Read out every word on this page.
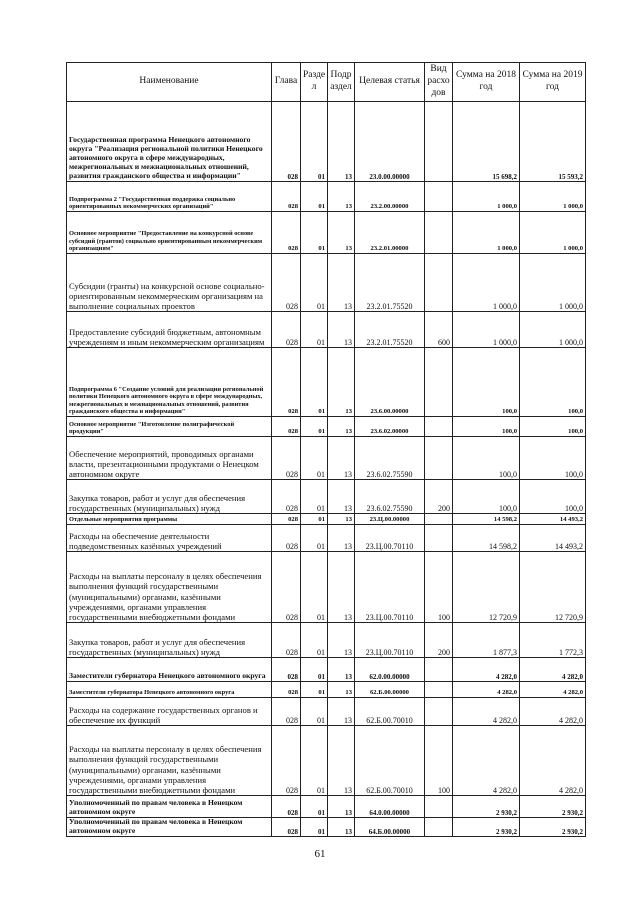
Наименование	Глава	Разде л	Подр аздел	Целевая статья	Вид расхо дов	Сумма на 2018 год	Сумма на 2019 год
Государственная программа Ненецкого автономного округа "Реализация региональной политики Ненецкого автономного округа в сфере международных, межрегиональных и межнациональных отношений, развития гражданского общества и информации"	028	01	13	23.0.00.00000		15 698,2	15 593,2
Подпрограмма 2 "Государственная поддержка социально ориентированных некоммерческих организаций"	028	01	13	23.2.00.00000		1 000,0	1 000,0
Основное мероприятие "Предоставление на конкурсной основе субсидий (грантов) социально ориентированным некоммерческим организациям"	028	01	13	23.2.01.00000		1 000,0	1 000,0
Субсидии (гранты) на конкурсной основе социально-ориентированным некоммерческим организациям на выполнение социальных проектов	028	01	13	23.2.01.75520		1 000,0	1 000,0
Предоставление субсидий бюджетным, автономным учреждениям и иным некоммерческим организациям	028	01	13	23.2.01.75520	600	1 000,0	1 000,0
Подпрограмма 6 "Создание условий для реализации региональной политики Ненецкого автономного округа в сфере международных, межрегиональных и межнациональных отношений, развития гражданского общества и информации"	028	01	13	23.6.00.00000		100,0	100,0
Основное мероприятие "Изготовление полиграфической продукции"	028	01	13	23.6.02.00000		100,0	100,0
Обеспечение мероприятий, проводимых органами власти, презентационными продуктами о Ненецком автономном округе	028	01	13	23.6.02.75590		100,0	100,0
Закупка товаров, работ и услуг для обеспечения государственных (муниципальных) нужд	028	01	13	23.6.02.75590	200	100,0	100,0
Отдельные мероприятия программы	028	01	13	23.Ц.00.00000		14 598,2	14 493,2
Расходы на обеспечение деятельности подведомственных казённых учреждений	028	01	13	23.Ц.00.70110		14 598,2	14 493,2
Расходы на выплаты персоналу в целях обеспечения выполнения функций государственными (муниципальными) органами, казёнными учреждениями, органами управления государственными внебюджетными фондами	028	01	13	23.Ц.00.70110	100	12 720,9	12 720,9
Закупка товаров, работ и услуг для обеспечения государственных (муниципальных) нужд	028	01	13	23.Ц.00.70110	200	1 877,3	1 772,3
Заместители губернатора Ненецкого автономного округа	028	01	13	62.0.00.00000		4 282,0	4 282,0
Заместители губернатора Ненецкого автономного округа	028	01	13	62.Б.00.00000		4 282,0	4 282,0
Расходы на содержание государственных органов и обеспечение их функций	028	01	13	62.Б.00.70010		4 282,0	4 282,0
Расходы на выплаты персоналу в целях обеспечения выполнения функций государственными (муниципальными) органами, казёнными учреждениями, органами управления государственными внебюджетными фондами	028	01	13	62.Б.00.70010	100	4 282,0	4 282,0
Уполномоченный по правам человека в Ненецком автономном округе	028	01	13	64.0.00.00000		2 930,2	2 930,2
Уполномоченный по правам человека в Ненецком автономном округе	028	01	13	64.Б.00.00000		2 930,2	2 930,2
61
